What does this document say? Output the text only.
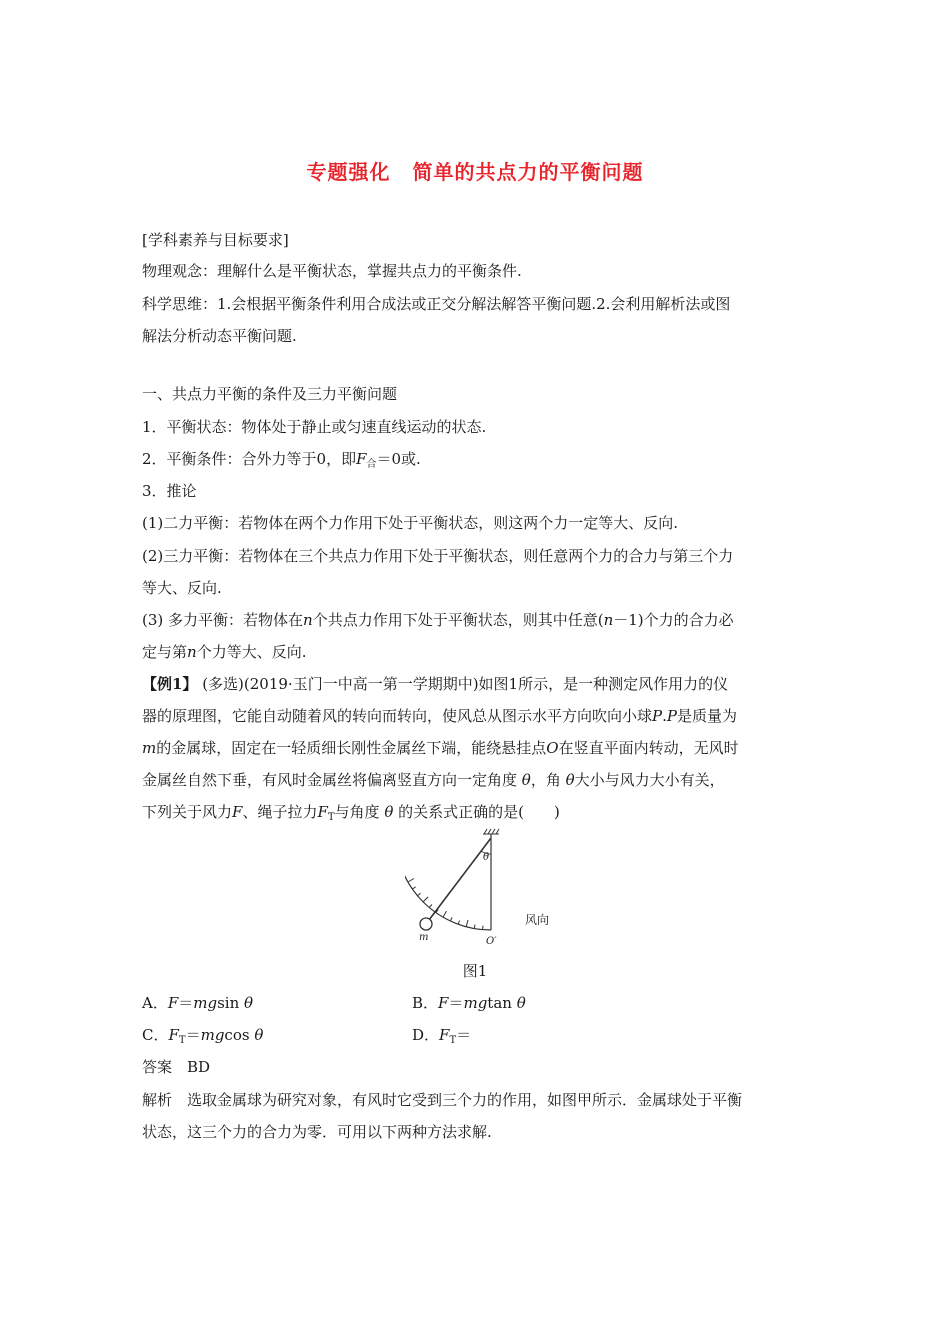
专题强化 简单的共点力的平衡问题
[学科素养与目标要求]
物理观念：理解什么是平衡状态，掌握共点力的平衡条件.
科学思维：1.会根据平衡条件利用合成法或正交分解法解答平衡问题.2.会利用解析法或图
解法分析动态平衡问题.
一、共点力平衡的条件及三力平衡问题
1．平衡状态：物体处于静止或匀速直线运动的状态.
2．平衡条件：合外力等于0，即$F_合=0$或.
3．推论
(1)二力平衡：若物体在两个力作用下处于平衡状态，则这两个力一定等大、反向.
(2)三力平衡：若物体在三个共点力作用下处于平衡状态，则任意两个力的合力与第三个力
等大、反向.
(3) 多力平衡：若物体在n个共点力作用下处于平衡状态，则其中任意(n－1)个力的合力必
定与第n个力等大、反向.
【例1】 (多选)(2019·玉门一中高一第一学期期中)如图1所示，是一种测定风作用力的仪
器的原理图，它能自动随着风的转向而转向，使风总从图示水平方向吹向小球P.P是质量为
m的金属球，固定在一轻质细长刚性金属丝下端，能绕悬挂点O在竖直平面内转动，无风时
金属丝自然下垂，有风时金属丝将偏离竖直方向一定角度 θ，角 θ大小与风力大小有关，
下列关于风力F、绳子拉力$F_T$与角度 θ 的关系式正确的是(　　)
θ
m	O′
风向
图1
A．F＝mgsin θ	B．F＝mgtan θ
C．$F_T=mgcos$ θ	D．$F_T=$
答案　BD
解析　选取金属球为研究对象，有风时它受到三个力的作用，如图甲所示．金属球处于平衡
状态，这三个力的合力为零．可用以下两种方法求解.
